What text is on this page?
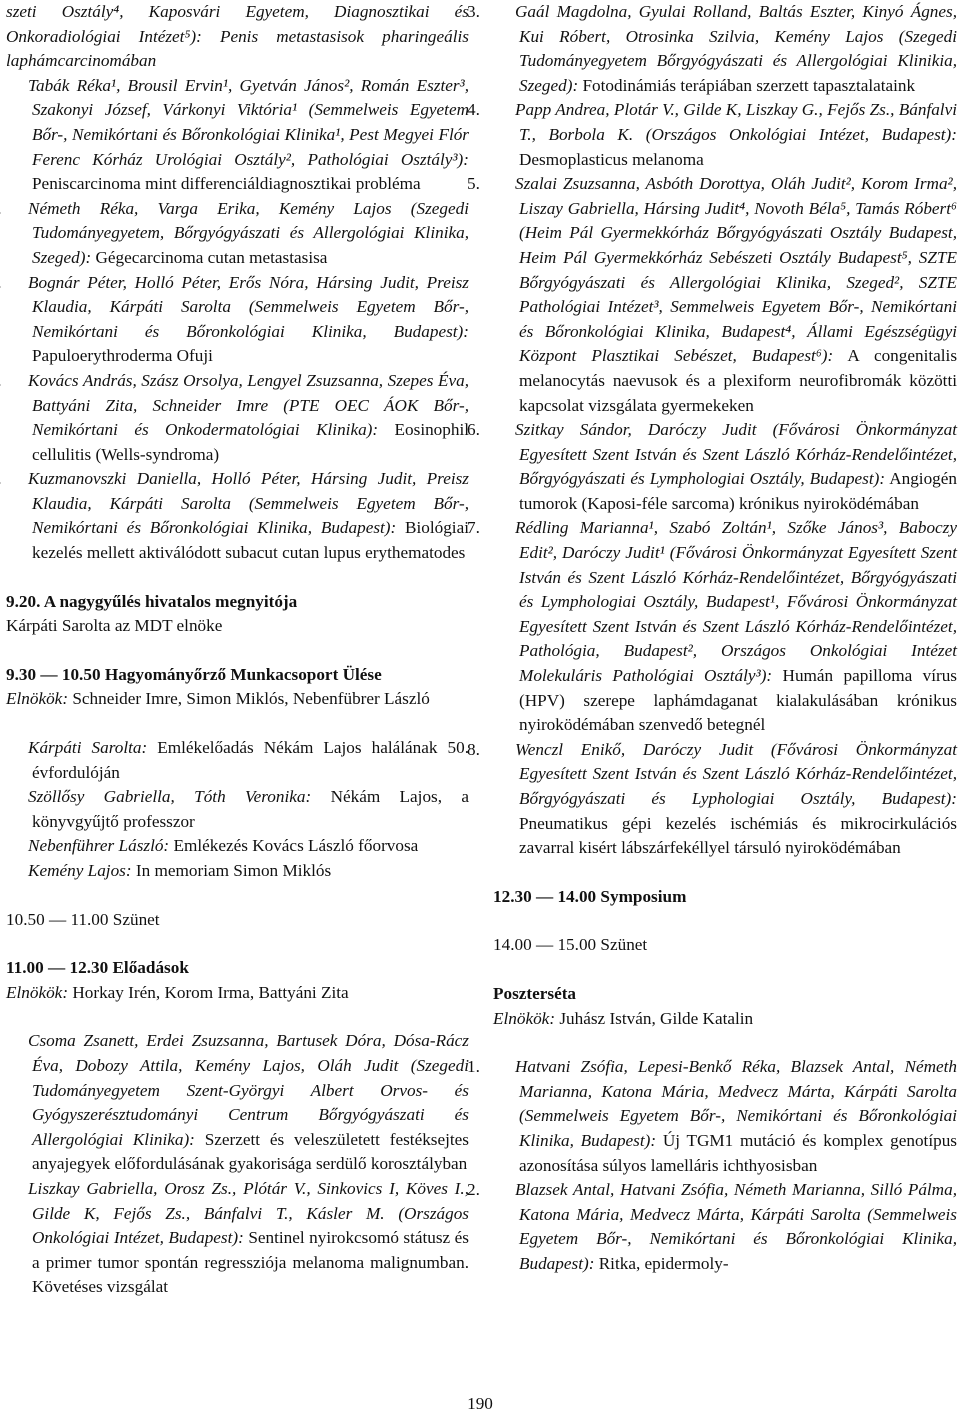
szeti Osztály⁴, Kaposvári Egyetem, Diagnosztikai és Onkoradiológiai Intézet⁵): Penis metastasisok pharingeális laphámcarcinomában

Tabák Réka¹, Brousil Ervin¹, Gyetván János², Román Eszter³, Szakonyi József, Várkonyi Viktória¹ (Semmelweis Egyetem Bőr-, Nemikórtani és Bőronkológiai Klinika¹, Pest Megyei Flór Ferenc Kórház Urológiai Osztály², Pathológiai Osztály³): Peniscarcinoma mint differenciáldiagnosztikai probléma

Németh Réka, Varga Erika, Kemény Lajos (Szegedi Tudományegyetem, Bőrgyógyászati és Allergológiai Klinika, Szeged): Gégecarcinoma cutan metastasisa

Bognár Péter, Holló Péter, Erős Nóra, Hársing Judit, Preisz Klaudia, Kárpáti Sarolta (Semmelweis Egyetem Bőr-, Nemikórtani és Bőronkológiai Klinika, Budapest): Papuloerythroderma Ofuji

Kovács András, Szász Orsolya, Lengyel Zsuzsanna, Szepes Éva, Battyáni Zita, Schneider Imre (PTE OEC ÁOK Bőr-, Nemikórtani és Onkodermatológiai Klinika): Eosinophil cellulitis (Wells-syndroma)

Kuzmanovszki Daniella, Holló Péter, Hársing Judit, Preisz Klaudia, Kárpáti Sarolta (Semmelweis Egyetem Bőr-, Nemikórtani és Bőronkológiai Klinika, Budapest): Biológiai kezelés mellett aktiválódott subacut cutan lupus erythematodes

9.20. A nagygyűlés hivatalos megnyitója

Kárpáti Sarolta az MDT elnöke

9.30 — 10.50 Hagyományőrző Munkacsoport Ülése

Elnökök: Schneider Imre, Simon Miklós, Nebenfübrer László

Kárpáti Sarolta: Emlékelőadás Nékám Lajos halálának 50. évfordulóján

Szöllősy Gabriella, Tóth Veronika: Nékám Lajos, a könyvgyűjtő professzor

Nebenführer László: Emlékezés Kovács László főorvosa

Kemény Lajos: In memoriam Simon Miklós

10.50 — 11.00 Szünet

11.00 — 12.30 Előadások

Elnökök: Horkay Irén, Korom Irma, Battyáni Zita

Csoma Zsanett, Erdei Zsuzsanna, Bartusek Dóra, Dósa-Rácz Éva, Dobozy Attila, Kemény Lajos, Oláh Judit (Szegedi Tudományegyetem Szent-Györgyi Albert Orvos- és Gyógyszerésztudományi Centrum Bőrgyógyászati és Allergológiai Klinika): Szerzett és veleszületett festéksejtes anyajegyek előfordulásának gyakorisága serdülő korosztályban

Liszkay Gabriella, Orosz Zs., Plótár V., Sinkovics I, Köves I., Gilde K, Fejős Zs., Bánfalvi T., Kásler M. (Országos Onkológiai Intézet, Budapest): Sentinel nyirokcsomó státusz és a primer tumor spontán regressziója melanoma malignumban. Követéses vizsgálat

3. Gaál Magdolna, Gyulai Rolland, Baltás Eszter, Kinyó Ágnes, Kui Róbert, Otrosinka Szilvia, Kemény Lajos (Szegedi Tudományegyetem Bőrgyógyászati és Allergológiai Klinikia, Szeged): Fotodinámiás terápiában szerzett tapasztalataink

4. Papp Andrea, Plotár V., Gilde K, Liszkay G., Fejős Zs., Bánfalvi T., Borbola K. (Országos Onkológiai Intézet, Budapest): Desmoplasticus melanoma

5. Szalai Zsuzsanna, Asbóth Dorottya, Oláh Judit², Korom Irma², Liszay Gabriella, Hársing Judit⁴, Novoth Béla⁵, Tamás Róbert⁶ (Heim Pál Gyermekkórház Bőrgyógyászati Osztály Budapest, Heim Pál Gyermekkórház Sebészeti Osztály Budapest⁵, SZTE Bőrgyógyászati és Allergológiai Klinika, Szeged², SZTE Pathológiai Intézet³, Semmelweis Egyetem Bőr-, Nemikórtani és Bőronkológiai Klinika, Budapest⁴, Állami Egészségügyi Központ Plasztikai Sebészet, Budapest⁶): A congenitalis melanocytás naevusok és a plexiform neurofibromák közötti kapcsolat vizsgálata gyermekeken

6. Szitkay Sándor, Daróczy Judit (Fővárosi Önkormányzat Egyesített Szent István és Szent László Kórház-Rendelőintézet, Bőrgyógyászati és Lymphologiai Osztály, Budapest): Angiogén tumorok (Kaposi-féle sarcoma) krónikus nyiroködémában

7. Rédling Marianna¹, Szabó Zoltán¹, Szőke János³, Baboczy Edit², Daróczy Judit¹ (Fővárosi Önkormányzat Egyesített Szent István és Szent László Kórház-Rendelőintézet, Bőrgyógyászati és Lymphologiai Osztály, Budapest¹, Fővárosi Önkormányzat Egyesített Szent István és Szent László Kórház-Rendelőintézet, Pathológia, Budapest², Országos Onkológiai Intézet Molekuláris Pathológiai Osztály³): Humán papilloma vírus (HPV) szerepe laphámdaganat kialakulásában krónikus nyiroködémában szenvedő betegnél

8. Wenczl Enikő, Daróczy Judit (Fővárosi Önkormányzat Egyesített Szent István és Szent László Kórház-Rendelőintézet, Bőrgyógyászati és Lyphologiai Osztály, Budapest): Pneumatikus gépi kezelés ischémiás és mikrocirkulációs zavarral kisért lábszárfekéllyel társuló nyiroködémában

12.30 — 14.00 Symposium

14.00 — 15.00 Szünet

Poszterséta

Elnökök: Juhász István, Gilde Katalin

1. Hatvani Zsófia, Lepesi-Benkő Réka, Blazsek Antal, Németh Marianna, Katona Mária, Medvecz Márta, Kárpáti Sarolta (Semmelweis Egyetem Bőr-, Nemikórtani és Bőronkológiai Klinika, Budapest): Új TGM1 mutáció és komplex genotípus azonosítása súlyos lamelláris ichthyosisban

2. Blazsek Antal, Hatvani Zsófia, Németh Marianna, Silló Pálma, Katona Mária, Medvecz Márta, Kárpáti Sarolta (Semmelweis Egyetem Bőr-, Nemikórtani és Bőronkológiai Klinika, Budapest): Ritka, epidermoly-

190
